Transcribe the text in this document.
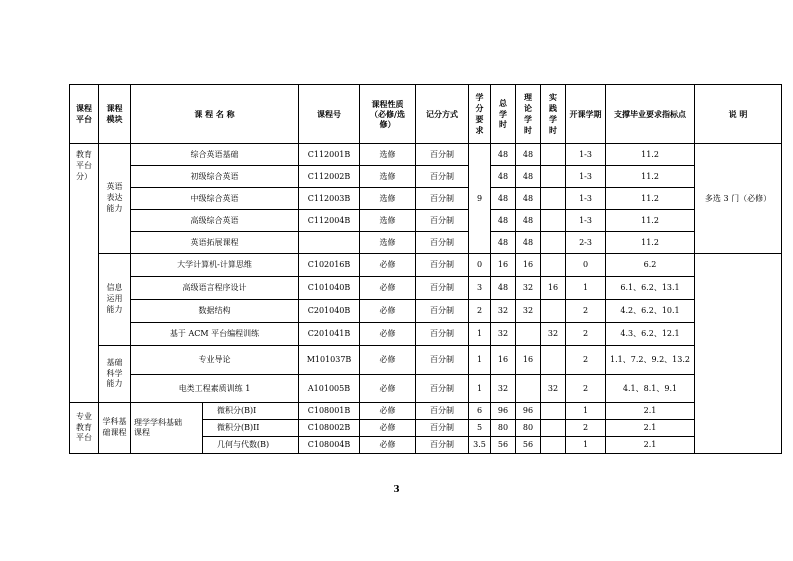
课程平台	课程模块	课 程 名 称		课程号	课程性质（必修/选修）	记分方式	学分要求	总学时	理论学时	实践学时	开课学期	支撑毕业要求指标点	说 明	
教育平台分）	英语表达能力	综合英语基础		C112001B	选修	百分制	9	48	48		1-3	11.2	多选 3 门（必修）	
		初级综合英语		C112002B	选修	百分制		48	48		1-3	11.2		
		中级综合英语		C112003B	选修	百分制		48	48		1-3	11.2		
		高级综合英语		C112004B	选修	百分制		48	48		1-3	11.2		
		英语拓展课程			选修	百分制		48	48		2-3	11.2		
	信息运用能力	大学计算机-计算思维		C102016B	必修	百分制	0	16	16		0	6.2		
		高级语言程序设计		C101040B	必修	百分制	3	48	32	16	1	6.1、6.2、13.1		
		数据结构		C201040B	必修	百分制	2	32	32		2	4.2、6.2、10.1		
		基于 ACM 平台编程训练		C201041B	必修	百分制	1	32		32	2	4.3、6.2、12.1		
	基础科学能力	专业导论		M101037B	必修	百分制	1	16	16		2	1.1、7.2、9.2、13.2		
		电类工程素质训练 1		A101005B	必修	百分制	1	32		32	2	4.1、8.1、9.1		
专业教育平台	学科基础课程	理学学科基础课程	微积分(B)I	C108001B	必修	百分制	6	96	96		1	2.1		
			微积分(B)II	C108002B	必修	百分制	5	80	80		2	2.1		
			几何与代数(B)	C108004B	必修	百分制	3.5	56	56		1	2.1		
3
